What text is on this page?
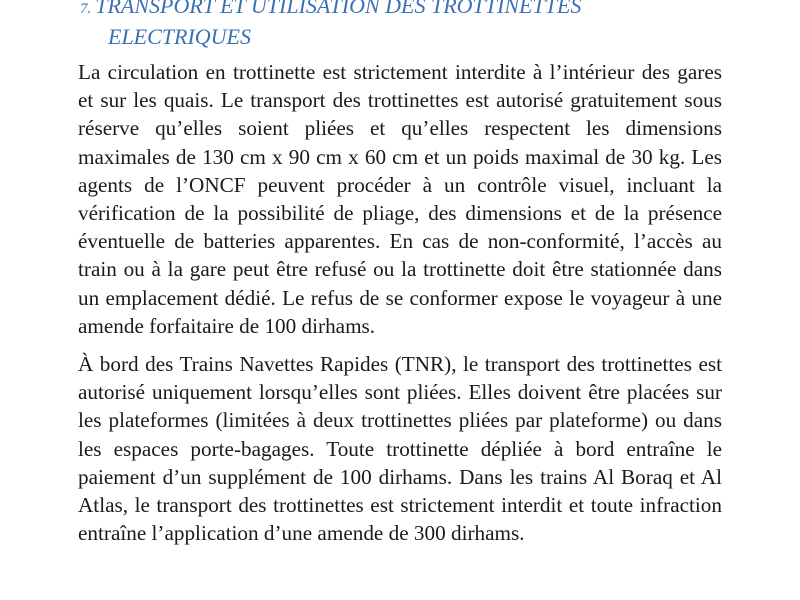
7. TRANSPORT ET UTILISATION DES TROTTINETTES
ELECTRIQUES

La circulation en trottinette est strictement interdite à l’intérieur des gares et sur les quais. Le transport des trottinettes est autorisé gratuitement sous réserve qu’elles soient pliées et qu’elles respectent les dimensions maximales de 130 cm x 90 cm x 60 cm et un poids maximal de 30 kg. Les agents de l’ONCF peuvent procéder à un contrôle visuel, incluant la vérification de la possibilité de pliage, des dimensions et de la présence éventuelle de batteries apparentes. En cas de non-conformité, l’accès au train ou à la gare peut être refusé ou la trottinette doit être stationnée dans un emplacement dédié. Le refus de se conformer expose le voyageur à une amende forfaitaire de 100 dirhams.

À bord des Trains Navettes Rapides (TNR), le transport des trottinettes est autorisé uniquement lorsqu’elles sont pliées. Elles doivent être placées sur les plateformes (limitées à deux trottinettes pliées par plateforme) ou dans les espaces porte-bagages. Toute trottinette dépliée à bord entraîne le paiement d’un supplément de 100 dirhams. Dans les trains Al Boraq et Al Atlas, le transport des trottinettes est strictement interdit et toute infraction entraîne l’application d’une amende de 300 dirhams.
